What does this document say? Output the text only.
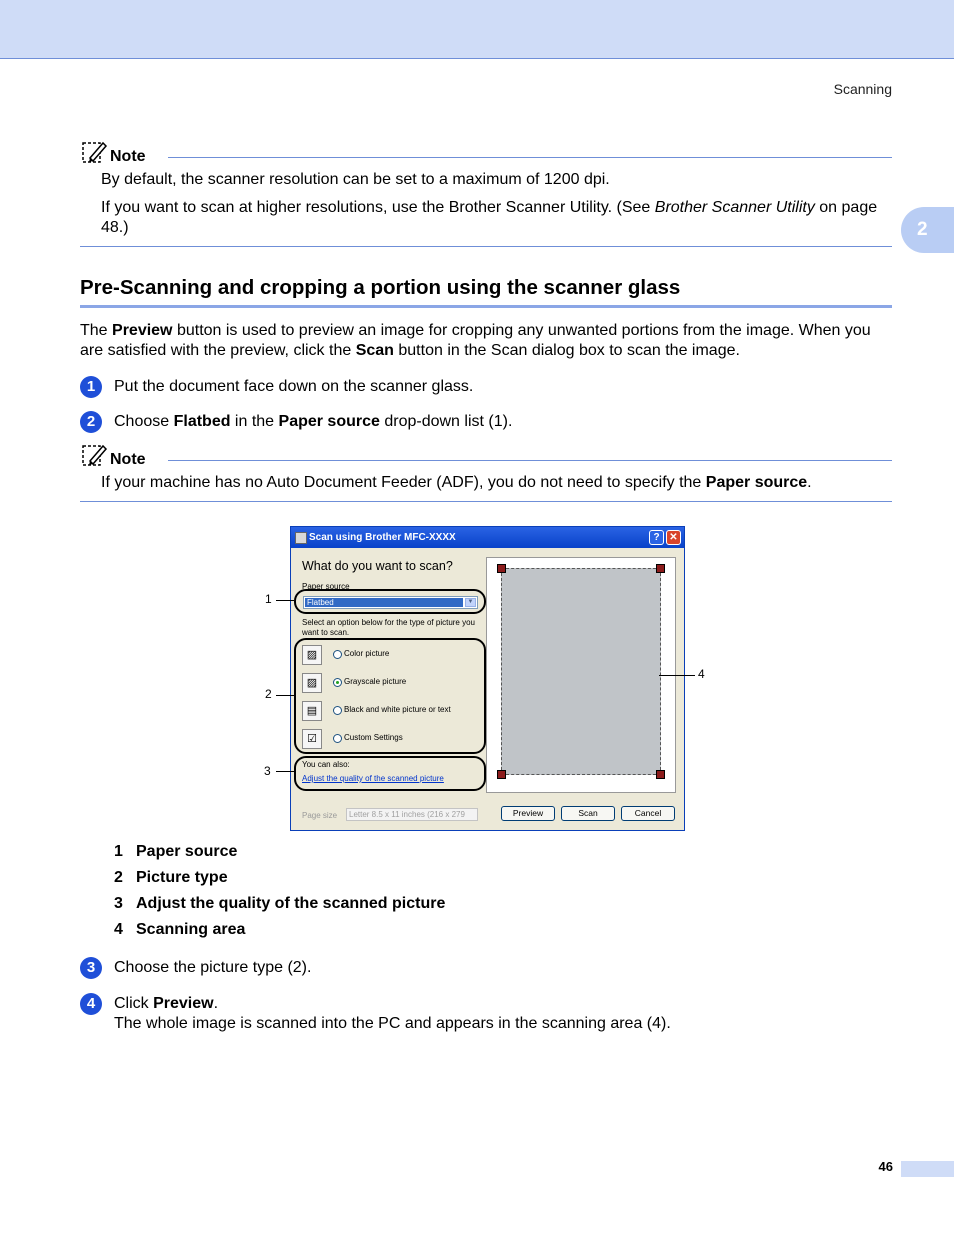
Scanning
2
Note

By default, the scanner resolution can be set to a maximum of 1200 dpi.

If you want to scan at higher resolutions, use the Brother Scanner Utility. (See Brother Scanner Utility on page 48.)

Pre-Scanning and cropping a portion using the scanner glass
The Preview button is used to preview an image for cropping any unwanted portions from the image. When you are satisfied with the preview, click the Scan button in the Scan dialog box to scan the image.
1	Put the document face down on the scanner glass.
2	Choose Flatbed in the Paper source drop-down list (1).
Note

If your machine has no Auto Document Feeder (ADF), you do not need to specify the Paper source.

Scan using Brother MFC-XXXX	? ✕
What do you want to scan?
Paper source
Flatbed	▼
Select an option below for the type of picture you want to scan.
▨	Color picture
▨	Grayscale picture
▤	Black and white picture or text
☑	Custom Settings
You can also:
Adjust the quality of the scanned picture
Page size	Letter 8.5 x 11 inches (216 x 279	Preview	Scan	Cancel
1
2
3
4
1 Paper source
2 Picture type
3 Adjust the quality of the scanned picture
4 Scanning area
3	Choose the picture type (2).
4	Click Preview.
The whole image is scanned into the PC and appears in the scanning area (4).
46
